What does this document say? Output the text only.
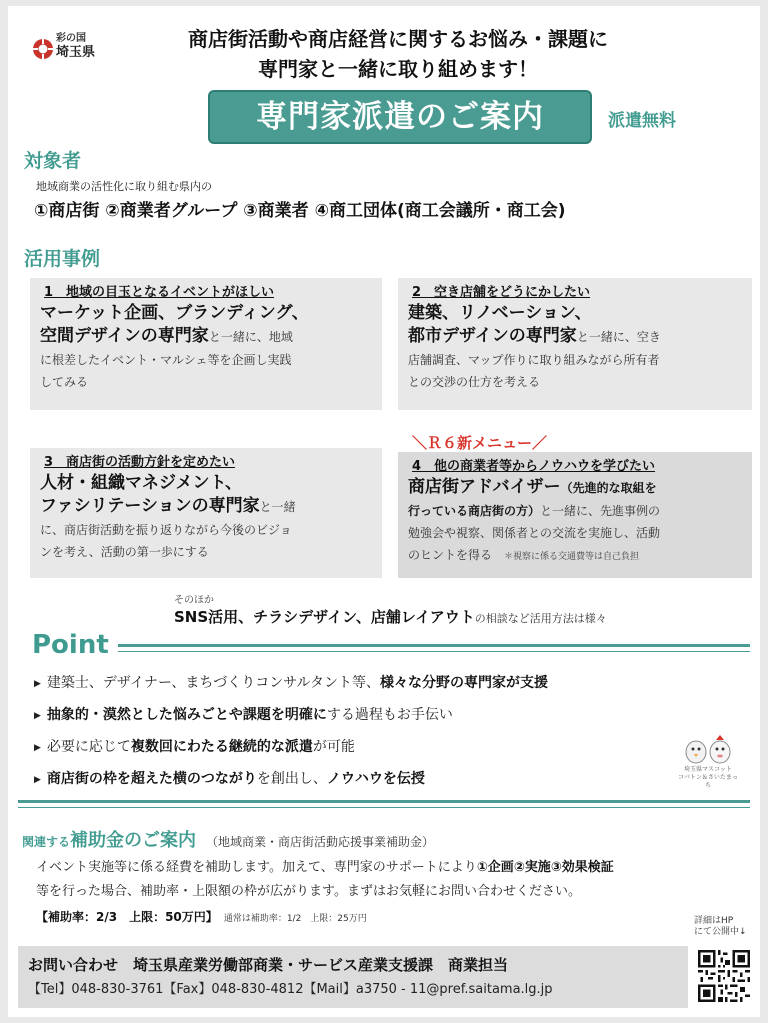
彩の国
埼玉県
商店街活動や商店経営に関するお悩み・課題に
専門家と一緒に取り組めます！
専門家派遣のご案内	派遣無料
対象者
地域商業の活性化に取り組む県内の
①商店街 ②商業者グループ ③商業者 ④商工団体(商工会議所・商工会)
活用事例
1　地域の目玉となるイベントがほしい
マーケット企画、ブランディング、
空間デザインの専門家と一緒に、地域
に根差したイベント・マルシェ等を企画し実践
してみる
2　空き店舗をどうにかしたい
建築、リノベーション、
都市デザインの専門家と一緒に、空き
店舗調査、マップ作りに取り組みながら所有者
との交渉の仕方を考える
3　商店街の活動方針を定めたい
人材・組織マネジメント、
ファシリテーションの専門家と一緒
に、商店街活動を振り返りながら今後のビジョ
ンを考え、活動の第一歩にする
＼Ｒ６新メニュー／
4　他の商業者等からノウハウを学びたい
商店街アドバイザー（先進的な取組を
行っている商店街の方）と一緒に、先進事例の
勉強会や視察、関係者との交流を実施し、活動
のヒントを得る　 ＊視察に係る交通費等は自己負担
そのほか
SNS活用、チラシデザイン、店舗レイアウトの相談など活用方法は様々
Point
▶ 建築士、デザイナー、まちづくりコンサルタント等、様々な分野の専門家が支援
▶ 抽象的・漠然とした悩みごとや課題を明確にする過程もお手伝い
▶ 必要に応じて複数回にわたる継続的な派遣が可能
▶ 商店街の枠を超えた横のつながりを創出し、ノウハウを伝授
埼玉県マスコット
コバトン＆さいたまっち
関連する補助金のご案内　 （地域商業・商店街活動応援事業補助金）
イベント実施等に係る経費を補助します。加えて、専門家のサポートにより①企画②実施③効果検証
等を行った場合、補助率・上限額の枠が広がります。まずはお気軽にお問い合わせください。
【補助率：2/3　上限：50万円】　 通常は補助率：1/2　上限：25万円	詳細はHP
にて公開中↓
お問い合わせ　埼玉県産業労働部商業・サービス産業支援課　商業担当
【Tel】048-830-3761【Fax】048-830-4812【Mail】a3750 - 11@pref.saitama.lg.jp
